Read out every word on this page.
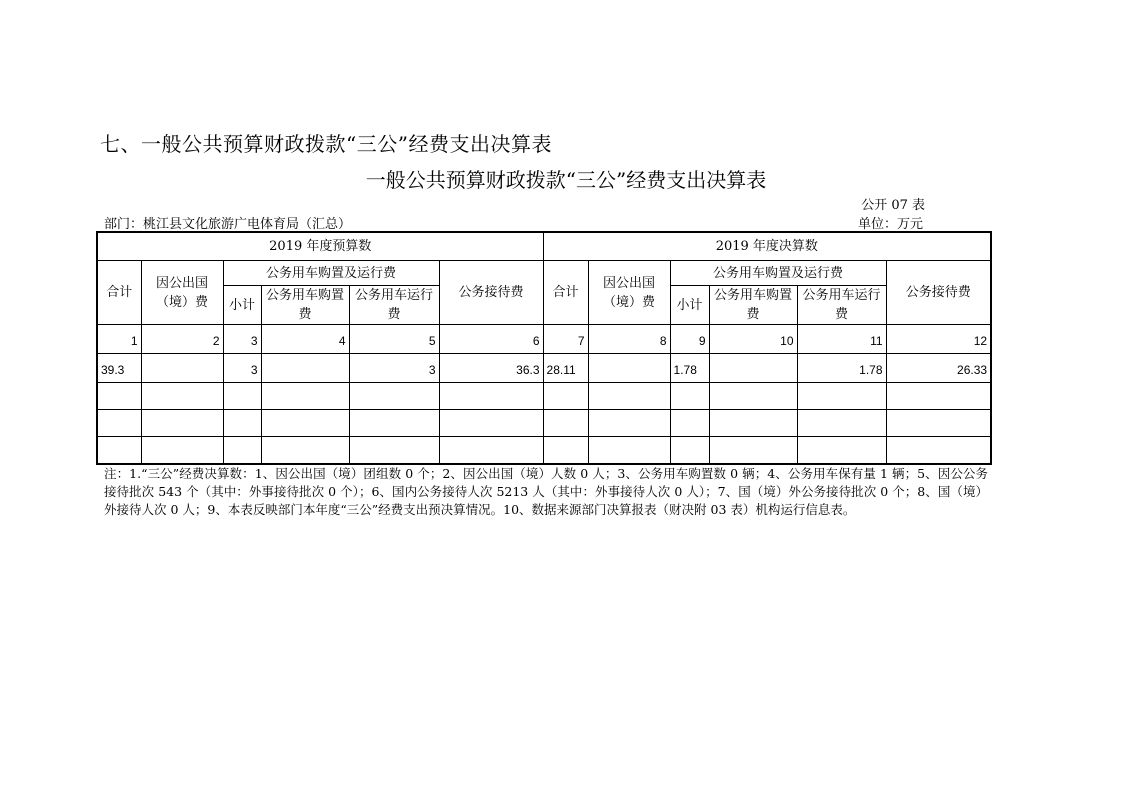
七、一般公共预算财政拨款“三公”经费支出决算表
一般公共预算财政拨款“三公”经费支出决算表
公开 07 表
部门：桃江县文化旅游广电体育局（汇总）	单位：万元
2019 年度预算数						2019 年度决算数					
合计	因公出国（境）费	公务用车购置及运行费			公务接待费	合计	因公出国（境）费	公务用车购置及运行费			公务接待费
		小计	公务用车购置费	公务用车运行费				小计	公务用车购置费	公务用车运行费	
1	2	3	4	5	6	7	8	9	10	11	12
39.3		3		3	36.3	28.11		1.78		1.78	26.33

注：1.“三公”经费决算数：1、因公出国（境）团组数 0 个；2、因公出国（境）人数 0 人；3、公务用车购置数 0 辆；4、公务用车保有量 1 辆；5、因公公务接待批次 543 个（其中：外事接待批次 0 个）；6、国内公务接待人次 5213 人（其中：外事接待人次 0 人）；7、国（境）外公务接待批次 0 个；8、国（境）外接待人次 0 人；9、本表反映部门本年度“三公”经费支出预决算情况。10、数据来源部门决算报表（财决附 03 表）机构运行信息表。
